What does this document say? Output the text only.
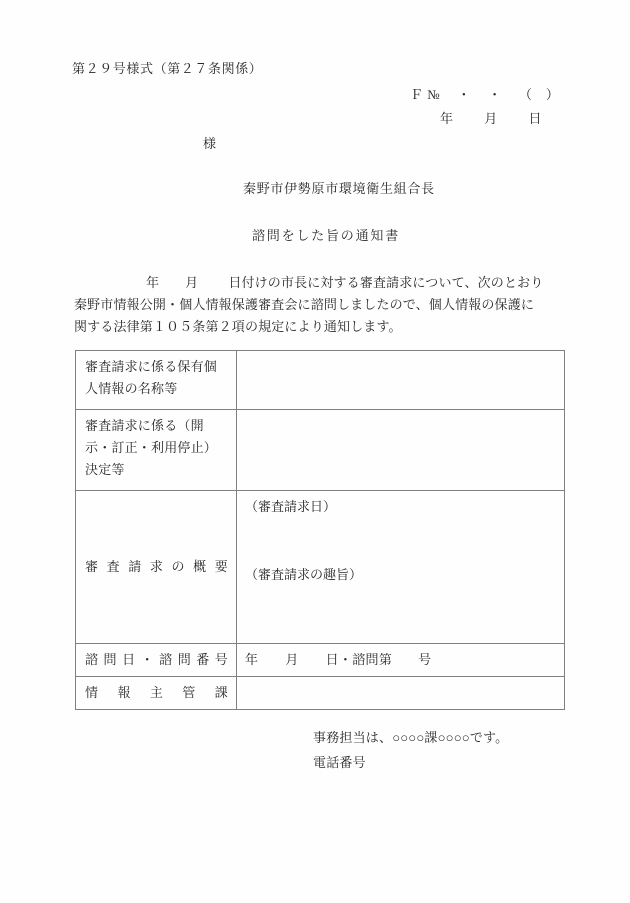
第２９号様式（第２７条関係）
Ｆ №　 ・　 ・　 （　）
年　　 月　　 日
様
秦野市伊勢原市環境衛生組合長
諮問をした旨の通知書
年 月 日付けの市長に対する審査請求について、次のとおり
秦野市情報公開・個人情報保護審査会に諮問しましたので、個人情報の保護に
関する法律第１０５条第２項の規定により通知します。
審査請求に係る保有個人情報の名称等	
審査請求に係る（開示・訂正・利用停止）決定等	
審査請求の概要	（審査請求日）
（審査請求の趣旨）

諮問日・諮問番号	年 月 日・諮問第 号
情報主管課	
事務担当は、○○○○課○○○○です。
電話番号
